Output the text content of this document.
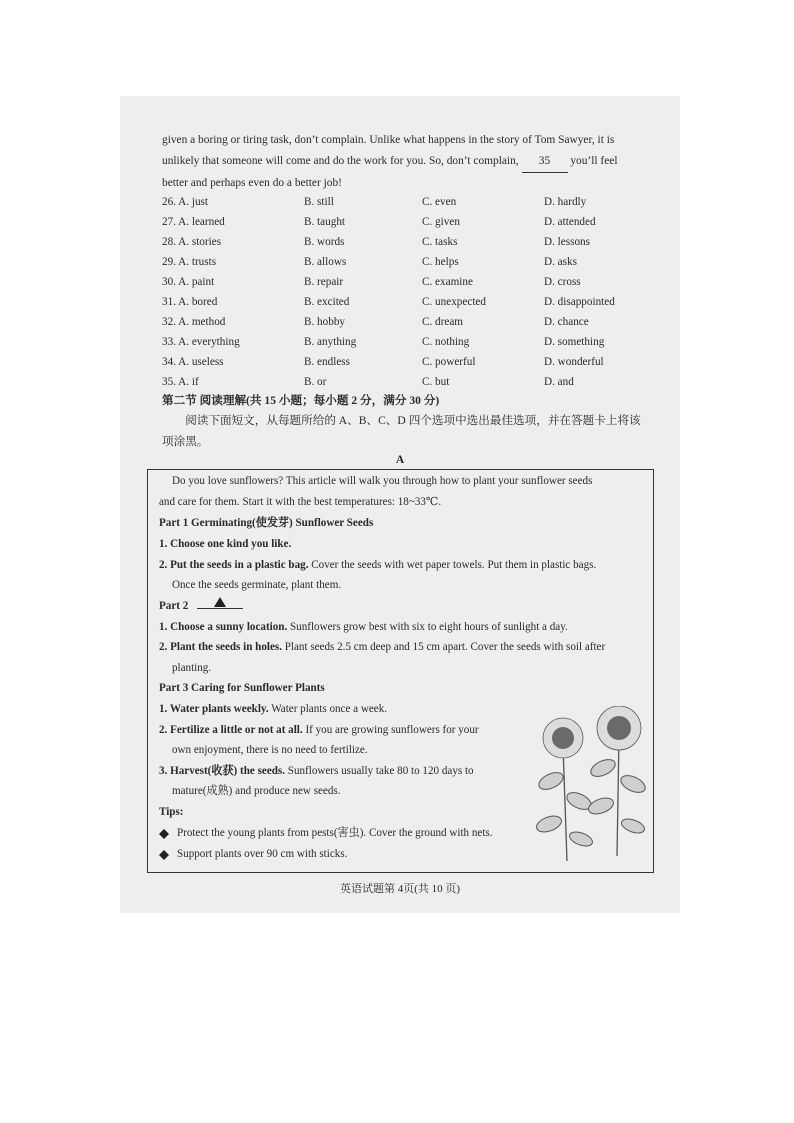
given a boring or tiring task, don’t complain. Unlike what happens in the story of Tom Sawyer, it is
unlikely that someone will come and do the work for you. So, don’t complain, 35 you’ll feel
better and perhaps even do a better job!
26. A. just	B. still	C. even	D. hardly
27. A. learned	B. taught	C. given	D. attended
28. A. stories	B. words	C. tasks	D. lessons
29. A. trusts	B. allows	C. helps	D. asks
30. A. paint	B. repair	C. examine	D. cross
31. A. bored	B. excited	C. unexpected	D. disappointed
32. A. method	B. hobby	C. dream	D. chance
33. A. everything	B. anything	C. nothing	D. something
34. A. useless	B. endless	C. powerful	D. wonderful
35. A. if	B. or	C. but	D. and
第二节 阅读理解(共 15 小题；每小题 2 分，满分 30 分)
阅读下面短文，从每题所给的 A、B、C、D 四个选项中选出最佳选项，并在答题卡上将该项涂黑。
A
Do you love sunflowers? This article will walk you through how to plant your sunflower seeds
and care for them. Start it with the best temperatures: 18~33℃.
Part 1 Germinating(使发芽) Sunflower Seeds
1. Choose one kind you like.
2. Put the seeds in a plastic bag. Cover the seeds with wet paper towels. Put them in plastic bags.
Once the seeds germinate, plant them.
Part 2
1. Choose a sunny location. Sunflowers grow best with six to eight hours of sunlight a day.
2. Plant the seeds in holes. Plant seeds 2.5 cm deep and 15 cm apart. Cover the seeds with soil after
planting.
Part 3 Caring for Sunflower Plants
1. Water plants weekly. Water plants once a week.
2. Fertilize a little or not at all. If you are growing sunflowers for your
own enjoyment, there is no need to fertilize.
3. Harvest(收获) the seeds. Sunflowers usually take 80 to 120 days to
mature(成熟) and produce new seeds.
Tips:
Protect the young plants from pests(害虫). Cover the ground with nets.
Support plants over 90 cm with sticks.
英语试题第 4页(共 10 页)
